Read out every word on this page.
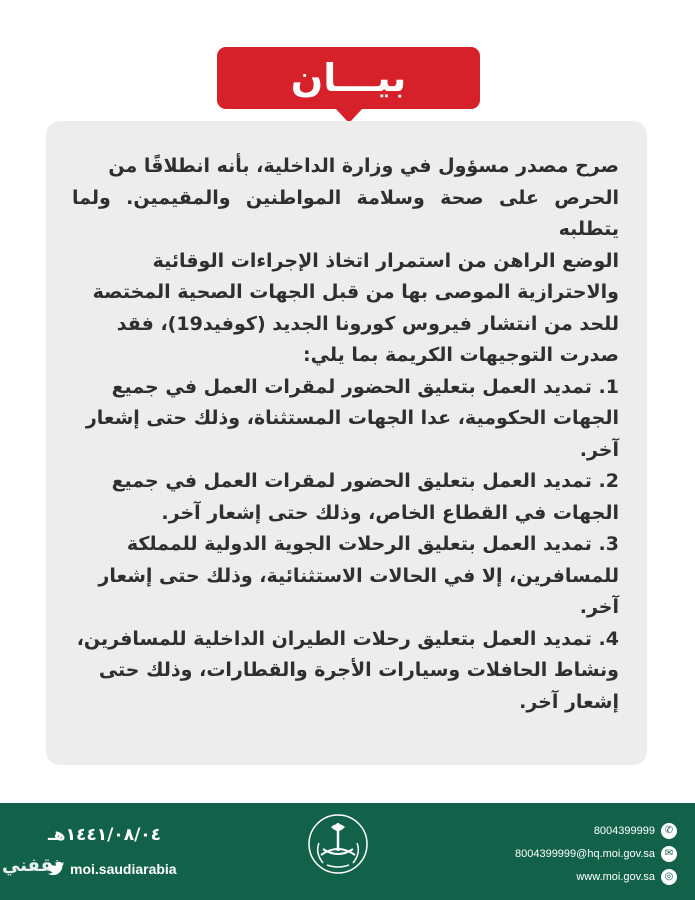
بيـــان

صرح مصدر مسؤول في وزارة الداخلية، بأنه انطلاقًا من
الحرص على صحة وسلامة المواطنين والمقيمين. ولما يتطلبه
الوضع الراهن من استمرار اتخاذ الإجراءات الوقائية
والاحترازية الموصى بها من قبل الجهات الصحية المختصة
للحد من انتشار فيروس كورونا الجديد (كوفيد19)، فقد
صدرت التوجيهات الكريمة بما يلي:
1. تمديد العمل بتعليق الحضور لمقرات العمل في جميع
الجهات الحكومية، عدا الجهات المستثناة، وذلك حتى إشعار
آخر.
2. تمديد العمل بتعليق الحضور لمقرات العمل في جميع
الجهات في القطاع الخاص، وذلك حتى إشعار آخر.
3. تمديد العمل بتعليق الرحلات الجوية الدولية للمملكة
للمسافرين، إلا في الحالات الاستثنائية، وذلك حتى إشعار
آخر.
4. تمديد العمل بتعليق رحلات الطيران الداخلية للمسافرين،
ونشاط الحافلات وسيارات الأجرة والقطارات، وذلك حتى
إشعار آخر.

١٤٤١/٠٨/٠٤هـ
moi.saudiarabia
ثقفني
8004399999 ✆
8004399999@hq.moi.gov.sa ✉
www.moi.gov.sa ◎
